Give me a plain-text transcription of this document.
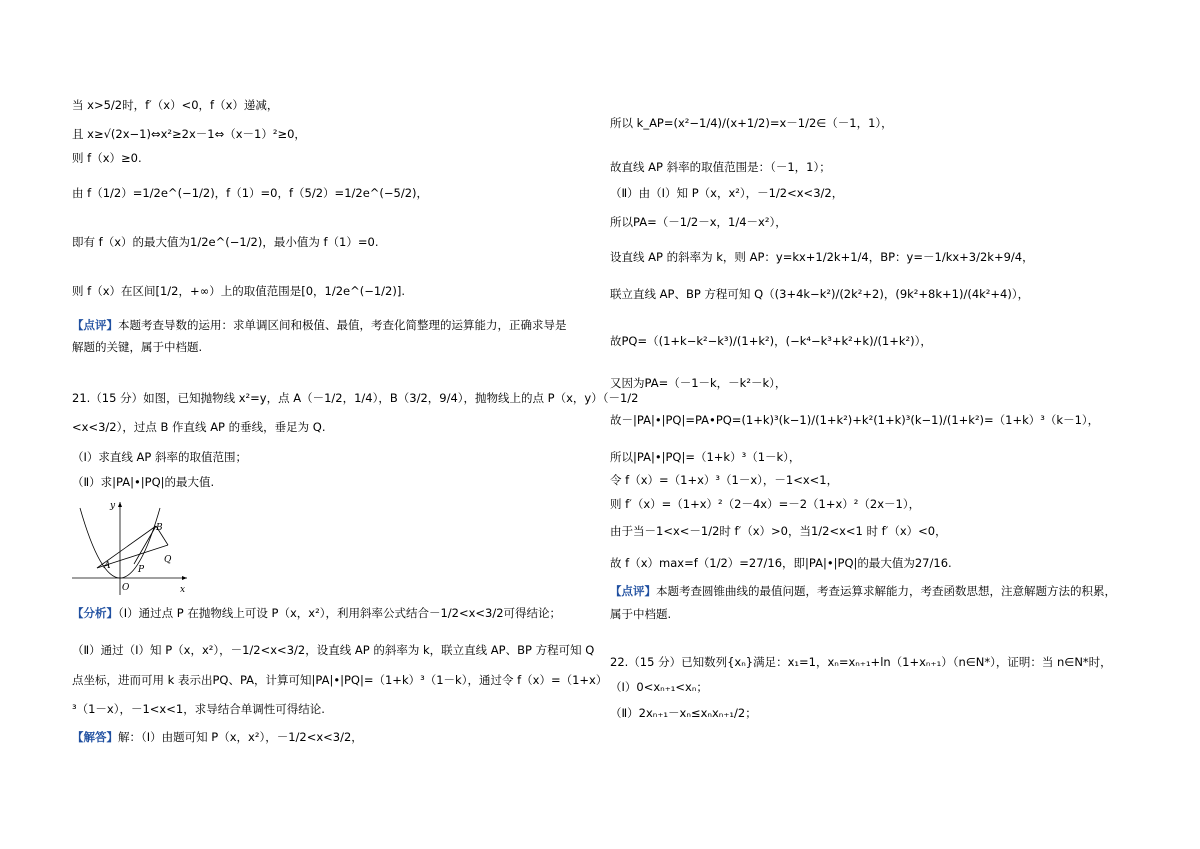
当 x>5/2时，f′（x）<0，f（x）递减，
且 x≥√(2x−1)⇔x²≥2x－1⇔（x－1）²≥0，
则 f（x）≥0.
由 f（1/2）=1/2e^(−1/2)，f（1）=0，f（5/2）=1/2e^(−5/2)，
即有 f（x）的最大值为1/2e^(−1/2)，最小值为 f（1）=0.
则 f（x）在区间[1/2，+∞）上的取值范围是[0，1/2e^(−1/2)].
【点评】本题考查导数的运用：求单调区间和极值、最值，考查化简整理的运算能力，正确求导是
解题的关键，属于中档题.
21.（15 分）如图，已知抛物线 x²=y，点 A（－1/2，1/4），B（3/2，9/4），抛物线上的点 P（x，y）（－1/2
<x<3/2），过点 B 作直线 AP 的垂线，垂足为 Q.
（Ⅰ）求直线 AP 斜率的取值范围；
（Ⅱ）求|PA|•|PQ|的最大值.
y
x
O
A
B
P
Q
【分析】（Ⅰ）通过点 P 在抛物线上可设 P（x，x²），利用斜率公式结合－1/2<x<3/2可得结论；
（Ⅱ）通过（Ⅰ）知 P（x，x²），－1/2<x<3/2，设直线 AP 的斜率为 k，联立直线 AP、BP 方程可知 Q
点坐标，进而可用 k 表示出PQ、PA，计算可知|PA|•|PQ|=（1+k）³（1－k），通过令 f（x）=（1+x）
³（1－x），－1<x<1，求导结合单调性可得结论.
【解答】解：（Ⅰ）由题可知 P（x，x²），－1/2<x<3/2，
所以 k_AP=(x²−1/4)/(x+1/2)=x－1/2∈（－1，1），
故直线 AP 斜率的取值范围是：（－1，1）；
（Ⅱ）由（Ⅰ）知 P（x，x²），－1/2<x<3/2，
所以PA=（－1/2－x，1/4－x²），
设直线 AP 的斜率为 k，则 AP：y=kx+1/2k+1/4，BP：y=－1/kx+3/2k+9/4，
联立直线 AP、BP 方程可知 Q（(3+4k−k²)/(2k²+2)，(9k²+8k+1)/(4k²+4)），
故PQ=（(1+k−k²−k³)/(1+k²)，(−k⁴−k³+k²+k)/(1+k²)），
又因为PA=（－1－k，－k²－k），
故－|PA|•|PQ|=PA•PQ=(1+k)³(k−1)/(1+k²)+k²(1+k)³(k−1)/(1+k²)=（1+k）³（k－1），
所以|PA|•|PQ|=（1+k）³（1－k），
令 f（x）=（1+x）³（1－x），－1<x<1，
则 f′（x）=（1+x）²（2－4x）=－2（1+x）²（2x－1），
由于当－1<x<－1/2时 f′（x）>0，当1/2<x<1 时 f′（x）<0，
故 f（x）max=f（1/2）=27/16，即|PA|•|PQ|的最大值为27/16.
【点评】本题考查圆锥曲线的最值问题，考查运算求解能力，考查函数思想，注意解题方法的积累，
属于中档题.
22.（15 分）已知数列{xₙ}满足：x₁=1，xₙ=xₙ₊₁+ln（1+xₙ₊₁）（n∈N*），证明：当 n∈N*时，
（Ⅰ）0<xₙ₊₁<xₙ；
（Ⅱ）2xₙ₊₁－xₙ≤xₙxₙ₊₁/2；
